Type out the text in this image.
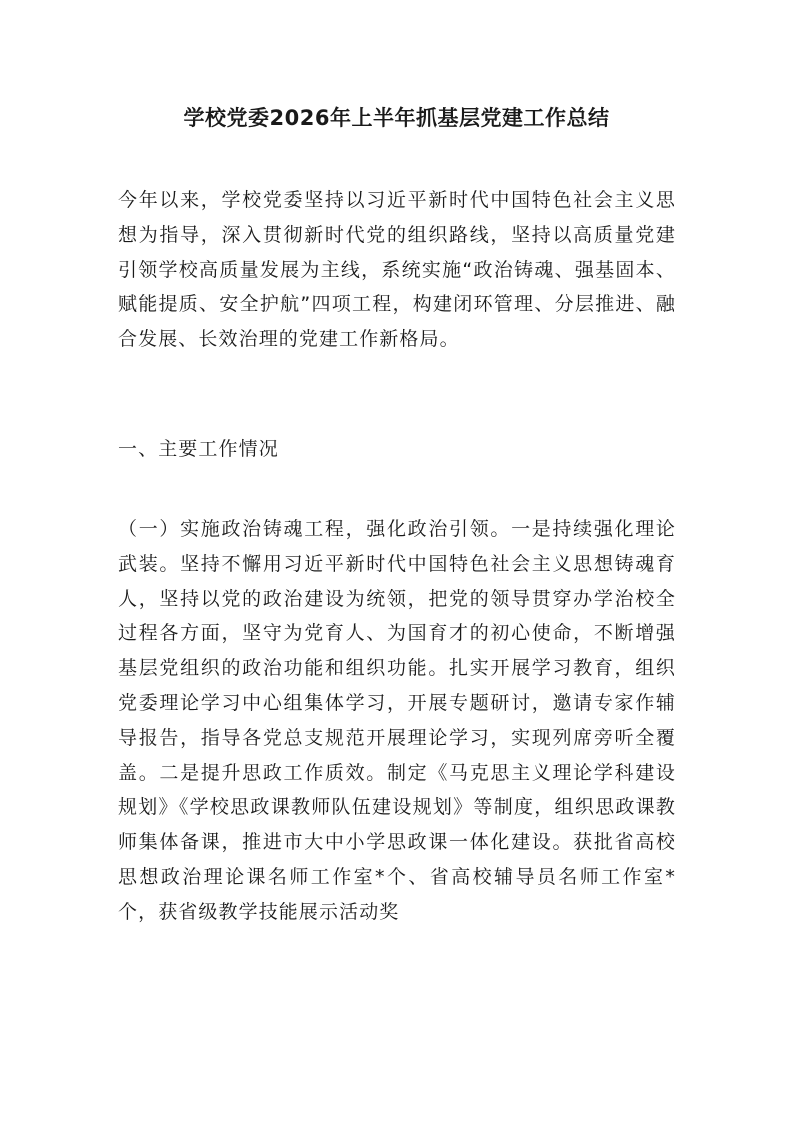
学校党委2026年上半年抓基层党建工作总结

今年以来，学校党委坚持以习近平新时代中国特色社会主义思想为指导，深入贯彻新时代党的组织路线，坚持以高质量党建引领学校高质量发展为主线，系统实施“政治铸魂、强基固本、赋能提质、安全护航”四项工程，构建闭环管理、分层推进、融合发展、长效治理的党建工作新格局。

一、主要工作情况

（一）实施政治铸魂工程，强化政治引领。一是持续强化理论武装。坚持不懈用习近平新时代中国特色社会主义思想铸魂育人，坚持以党的政治建设为统领，把党的领导贯穿办学治校全过程各方面，坚守为党育人、为国育才的初心使命，不断增强基层党组织的政治功能和组织功能。扎实开展学习教育，组织党委理论学习中心组集体学习，开展专题研讨，邀请专家作辅导报告，指导各党总支规范开展理论学习，实现列席旁听全覆盖。二是提升思政工作质效。制定《马克思主义理论学科建设规划》《学校思政课教师队伍建设规划》等制度，组织思政课教师集体备课，推进市大中小学思政课一体化建设。获批省高校思想政治理论课名师工作室*个、省高校辅导员名师工作室*个，获省级教学技能展示活动奖
